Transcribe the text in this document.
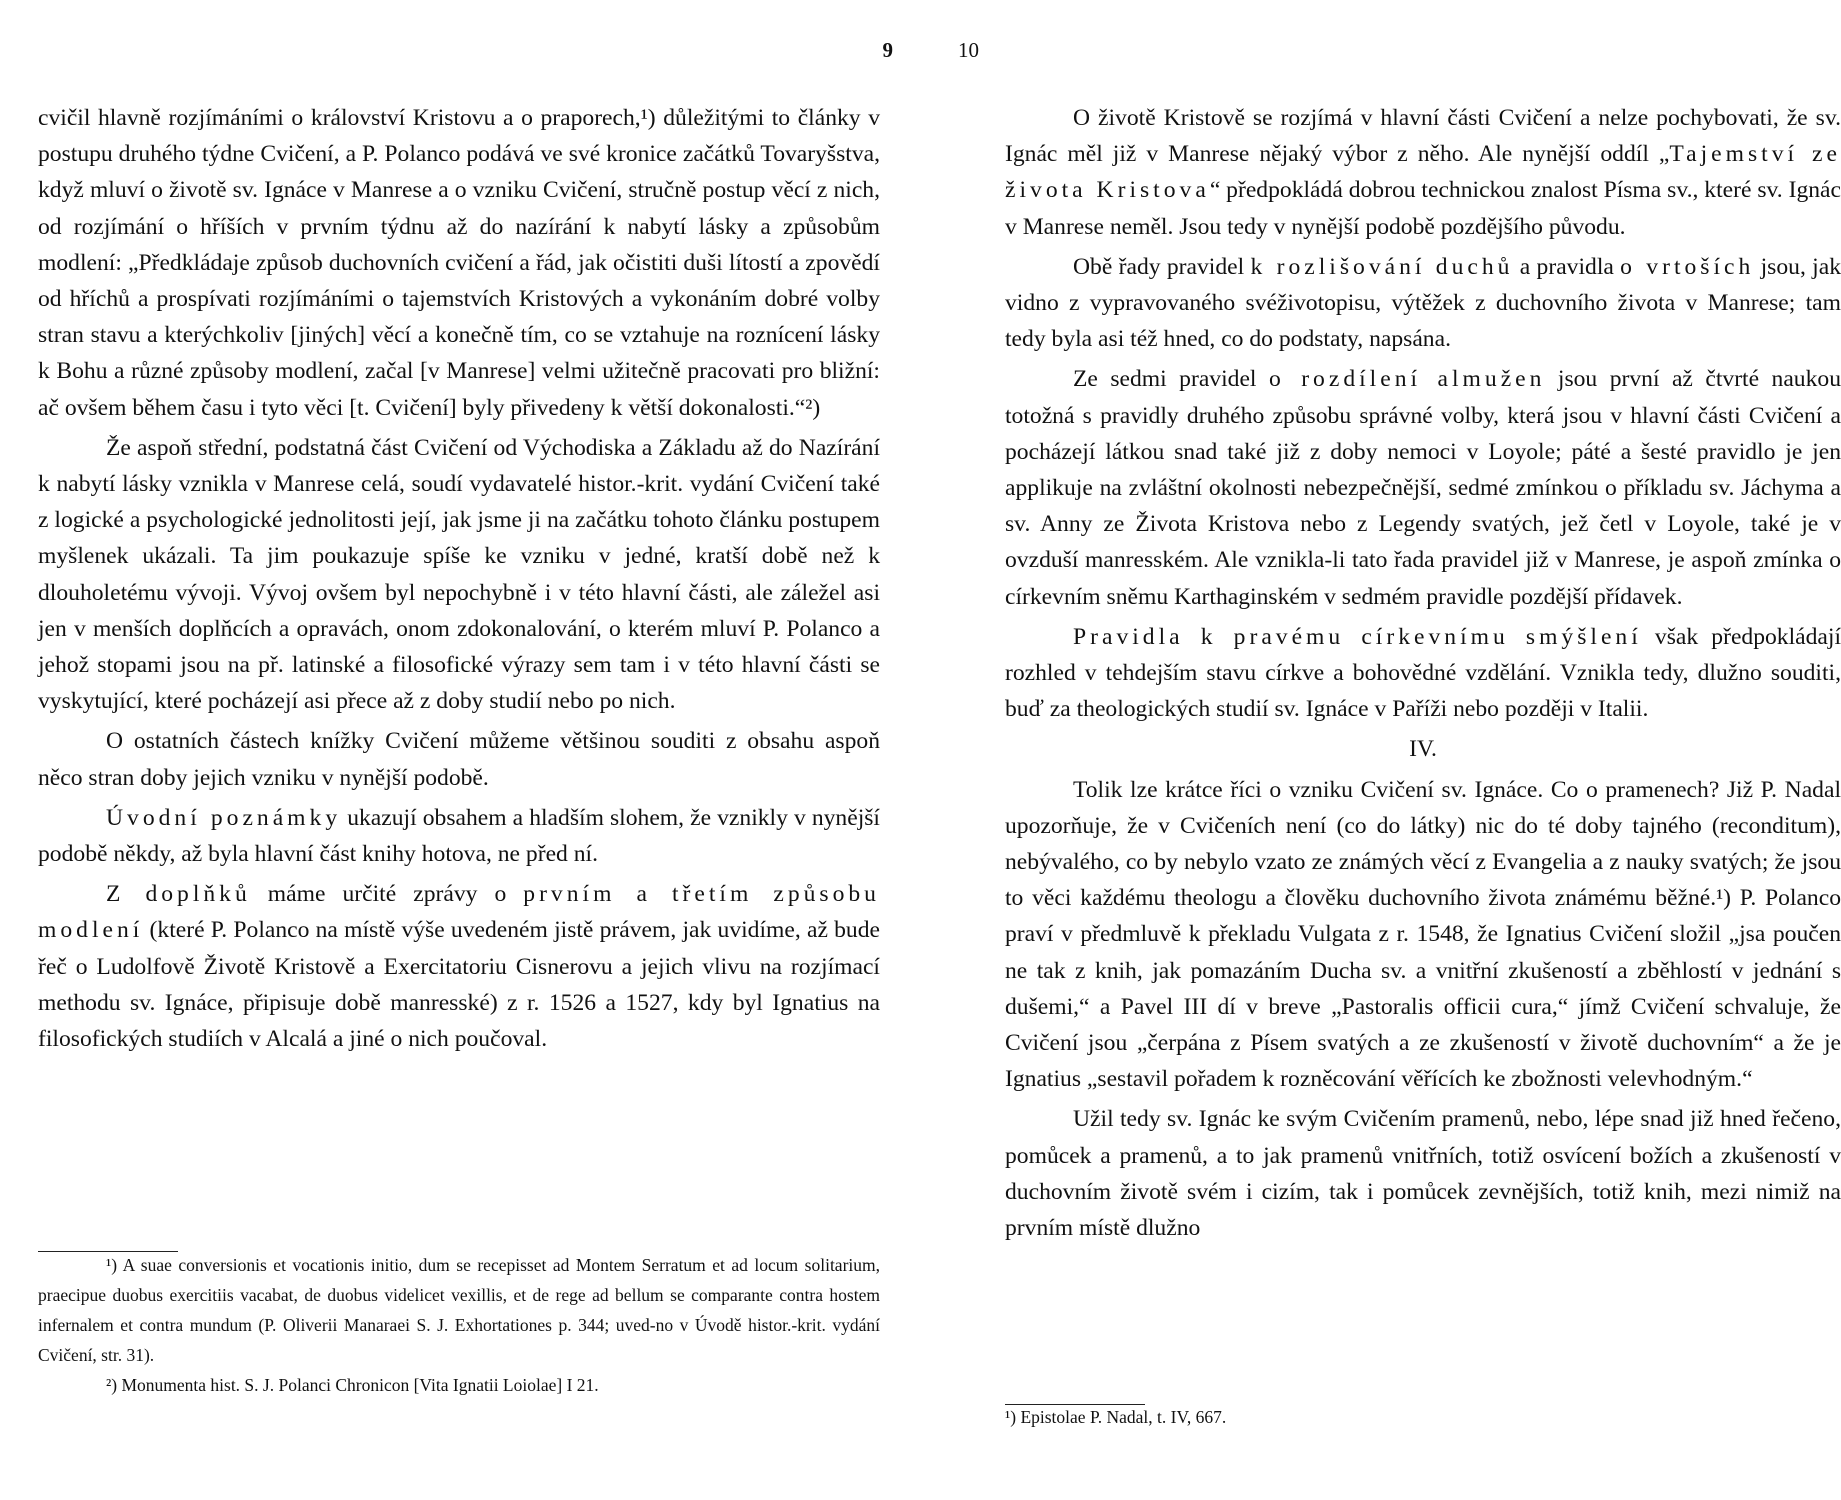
9

cvičil hlavně rozjímáními o království Kristovu a o praporech,¹) důležitými to články v postupu druhého týdne Cvičení, a P. Polanco podává ve své kronice začátků Tovaryšstva, když mluví o životě sv. Ignáce v Manrese a o vzniku Cvičení, stručně postup věcí z nich, od rozjímání o hříších v prvním týdnu až do nazírání k nabytí lásky a způsobům modlení: „Předkládaje způsob duchovních cvičení a řád, jak očistiti duši lítostí a zpovědí od hříchů a prospívati rozjímáními o tajemstvích Kristových a vykonáním dobré volby stran stavu a kterýchkoliv [jiných] věcí a konečně tím, co se vztahuje na roznícení lásky k Bohu a různé způsoby modlení, začal [v Manrese] velmi užitečně pracovati pro bližní: ač ovšem během času i tyto věci [t. Cvičení] byly přivedeny k větší dokonalosti.“²)

Že aspoň střední, podstatná část Cvičení od Východiska a Základu až do Nazírání k nabytí lásky vznikla v Manrese celá, soudí vydavatelé histor.-krit. vydání Cvičení také z logické a psychologické jednolitosti její, jak jsme ji na začátku tohoto článku postupem myšlenek ukázali. Ta jim poukazuje spíše ke vzniku v jedné, kratší době než k dlouholetému vývoji. Vývoj ovšem byl nepochybně i v této hlavní části, ale záležel asi jen v menších doplňcích a opravách, onom zdokonalování, o kterém mluví P. Polanco a jehož stopami jsou na př. latinské a filosofické výrazy sem tam i v této hlavní části se vyskytující, které pocházejí asi přece až z doby studií nebo po nich.

O ostatních částech knížky Cvičení můžeme většinou souditi z obsahu aspoň něco stran doby jejich vzniku v nynější podobě.

Úvodní poznámky ukazují obsahem a hladším slohem, že vznikly v nynější podobě někdy, až byla hlavní část knihy hotova, ne před ní.

Z doplňků máme určité zprávy o prvním a třetím způsobu modlení (které P. Polanco na místě výše uvedeném jistě právem, jak uvidíme, až bude řeč o Ludolfově Životě Kristově a Exercitatoriu Cisnerovu a jejich vlivu na rozjímací methodu sv. Ignáce, připisuje době manresské) z r. 1526 a 1527, kdy byl Ignatius na filosofických studiích v Alcalá a jiné o nich poučoval.

¹) A suae conversionis et vocationis initio, dum se recepisset ad Montem Serratum et ad locum solitarium, praecipue duobus exercitiis vacabat, de duobus videlicet vexillis, et de rege ad bellum se comparante contra hostem infernalem et contra mundum (P. Oliverii Manaraei S. J. Exhortationes p. 344; uved-no v Úvodě histor.-krit. vydání Cvičení, str. 31).

²) Monumenta hist. S. J. Polanci Chronicon [Vita Ignatii Loiolae] I 21.

10

O životě Kristově se rozjímá v hlavní části Cvičení a nelze pochybovati, že sv. Ignác měl již v Manrese nějaký výbor z něho. Ale nynější oddíl „Tajemství ze života Kristova“ předpokládá dobrou technickou znalost Písma sv., které sv. Ignác v Manrese neměl. Jsou tedy v nynější podobě pozdějšího původu.

Obě řady pravidel k rozlišování duchů a pravidla o vrtoších jsou, jak vidno z vypravovaného svéživotopisu, výtěžek z duchovního života v Manrese; tam tedy byla asi též hned, co do podstaty, napsána.

Ze sedmi pravidel o rozdílení almužen jsou první až čtvrté naukou totožná s pravidly druhého způsobu správné volby, která jsou v hlavní části Cvičení a pocházejí látkou snad také již z doby nemoci v Loyole; páté a šesté pravidlo je jen applikuje na zvláštní okolnosti nebezpečnější, sedmé zmínkou o příkladu sv. Jáchyma a sv. Anny ze Života Kristova nebo z Legendy svatých, jež četl v Loyole, také je v ovzduší manresském. Ale vznikla-li tato řada pravidel již v Manrese, je aspoň zmínka o církevním sněmu Karthaginském v sedmém pravidle pozdější přídavek.

Pravidla k pravému církevnímu smýšlení však předpokládají rozhled v tehdejším stavu církve a bohovědné vzdělání. Vznikla tedy, dlužno souditi, buď za theologických studií sv. Ignáce v Paříži nebo později v Italii.

IV.

Tolik lze krátce říci o vzniku Cvičení sv. Ignáce. Co o pramenech? Již P. Nadal upozorňuje, že v Cvičeních není (co do látky) nic do té doby tajného (reconditum), nebývalého, co by nebylo vzato ze známých věcí z Evangelia a z nauky svatých; že jsou to věci každému theologu a člověku duchovního života známému běžné.¹) P. Polanco praví v předmluvě k překladu Vulgata z r. 1548, že Ignatius Cvičení složil „jsa poučen ne tak z knih, jak pomazáním Ducha sv. a vnitřní zkušeností a zběhlostí v jednání s dušemi,“ a Pavel III dí v breve „Pastoralis officii cura,“ jímž Cvičení schvaluje, že Cvičení jsou „čerpána z Písem svatých a ze zkušeností v životě duchovním“ a že je Ignatius „sestavil pořadem k rozněcování věřících ke zbožnosti velevhodným.“

Užil tedy sv. Ignác ke svým Cvičením pramenů, nebo, lépe snad již hned řečeno, pomůcek a pramenů, a to jak pramenů vnitřních, totiž osvícení božích a zkušeností v duchovním životě svém i cizím, tak i pomůcek zevnějších, totiž knih, mezi nimiž na prvním místě dlužno

¹) Epistolae P. Nadal, t. IV, 667.
